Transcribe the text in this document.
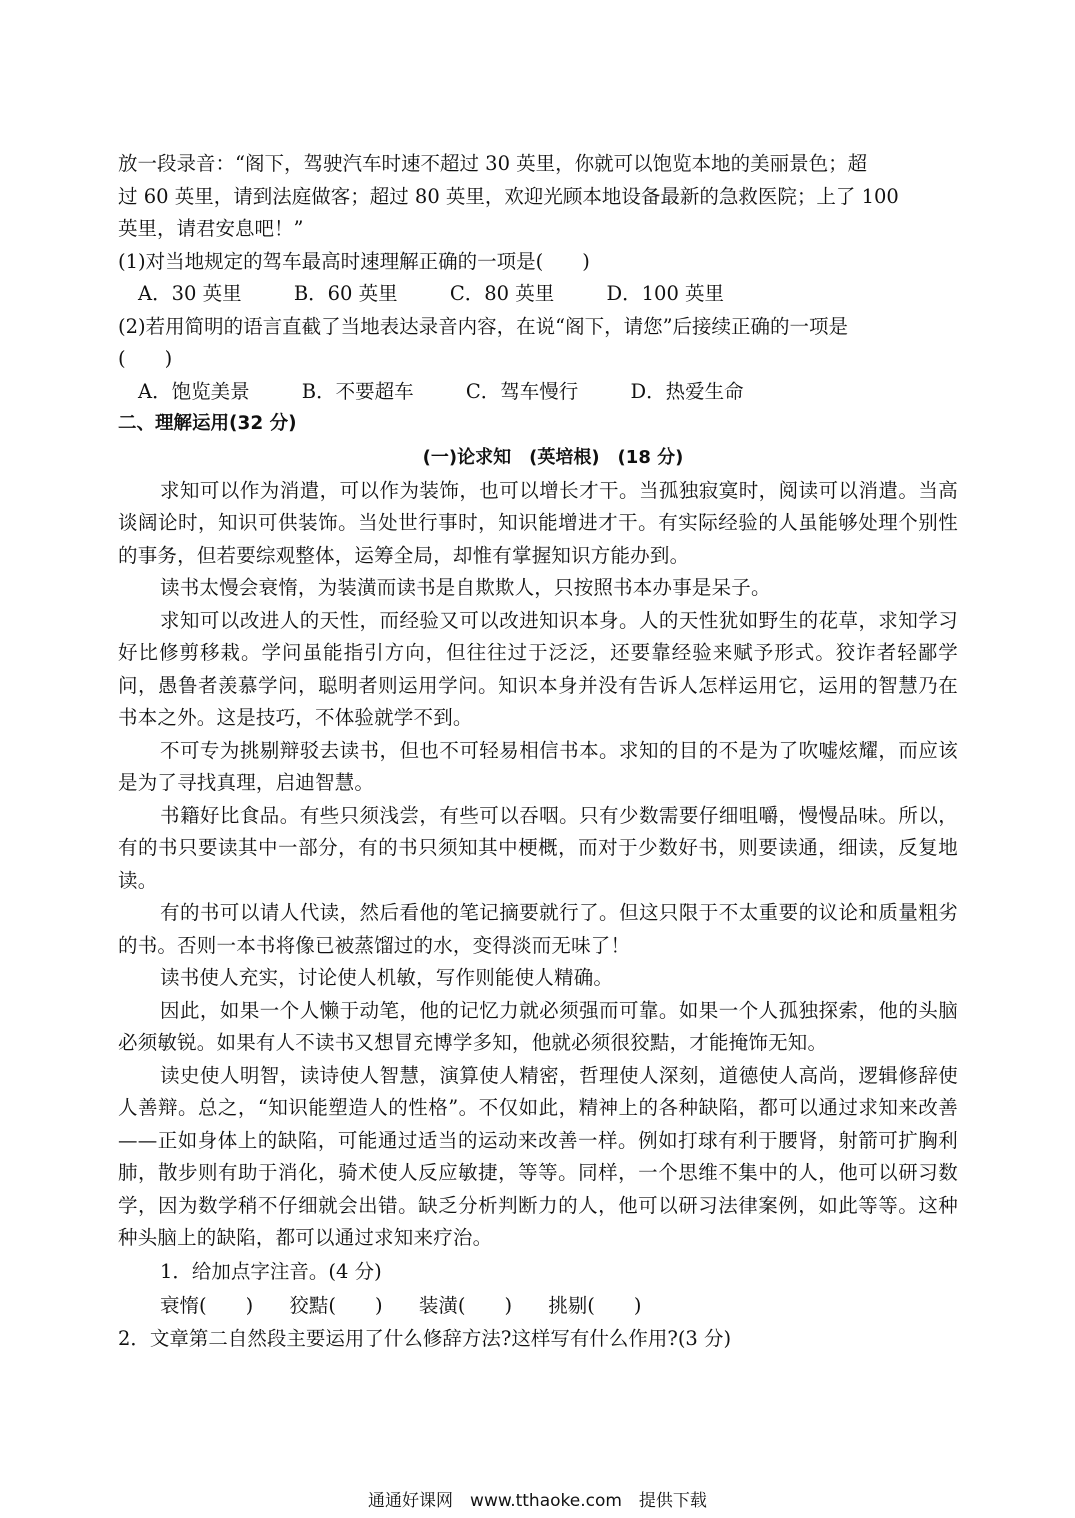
放一段录音：“阁下，驾驶汽车时速不超过 30 英里，你就可以饱览本地的美丽景色；超
过 60 英里，请到法庭做客；超过 80 英里，欢迎光顾本地设备最新的急救医院；上了 100
英里，请君安息吧！”
(1)对当地规定的驾车最高时速理解正确的一项是(　　)
A．30 英里	B．60 英里	C．80 英里	D．100 英里
(2)若用简明的语言直截了当地表达录音内容，在说“阁下，请您”后接续正确的一项是
(　　)
A．饱览美景	B．不要超车	C．驾车慢行	D．热爱生命
二、理解运用(32 分)
(一)论求知　(英培根)　(18 分)

求知可以作为消遣，可以作为装饰，也可以增长才干。当孤独寂寞时，阅读可以消遣。当高谈阔论时，知识可供装饰。当处世行事时，知识能增进才干。有实际经验的人虽能够处理个别性的事务，但若要综观整体，运筹全局，却惟有掌握知识方能办到。

读书太慢会衰惰，为装潢而读书是自欺欺人，只按照书本办事是呆子。

求知可以改进人的天性，而经验又可以改进知识本身。人的天性犹如野生的花草，求知学习好比修剪移栽。学问虽能指引方向，但往往过于泛泛，还要靠经验来赋予形式。狡诈者轻鄙学问，愚鲁者羡慕学问，聪明者则运用学问。知识本身并没有告诉人怎样运用它，运用的智慧乃在书本之外。这是技巧，不体验就学不到。

不可专为挑剔辩驳去读书，但也不可轻易相信书本。求知的目的不是为了吹嘘炫耀，而应该是为了寻找真理，启迪智慧。

书籍好比食品。有些只须浅尝，有些可以吞咽。只有少数需要仔细咀嚼，慢慢品味。所以，有的书只要读其中一部分，有的书只须知其中梗概，而对于少数好书，则要读通，细读，反复地读。

有的书可以请人代读，然后看他的笔记摘要就行了。但这只限于不太重要的议论和质量粗劣的书。否则一本书将像已被蒸馏过的水，变得淡而无味了！

读书使人充实，讨论使人机敏，写作则能使人精确。

因此，如果一个人懒于动笔，他的记忆力就必须强而可靠。如果一个人孤独探索，他的头脑必须敏锐。如果有人不读书又想冒充博学多知，他就必须很狡黠，才能掩饰无知。

读史使人明智，读诗使人智慧，演算使人精密，哲理使人深刻，道德使人高尚，逻辑修辞使人善辩。总之，“知识能塑造人的性格”。不仅如此，精神上的各种缺陷，都可以通过求知来改善——正如身体上的缺陷，可能通过适当的运动来改善一样。例如打球有利于腰肾，射箭可扩胸利肺，散步则有助于消化，骑术使人反应敏捷，等等。同样，一个思维不集中的人，他可以研习数学，因为数学稍不仔细就会出错。缺乏分析判断力的人，他可以研习法律案例，如此等等。这种种头脑上的缺陷，都可以通过求知来疗治。

1．给加点字注音。(4 分)
衰惰(　　) 狡黠(　　) 装潢(　　) 挑剔(　　)
2．文章第二自然段主要运用了什么修辞方法?这样写有什么作用?(3 分)
通通好课网　www.tthaoke.com　提供下载
